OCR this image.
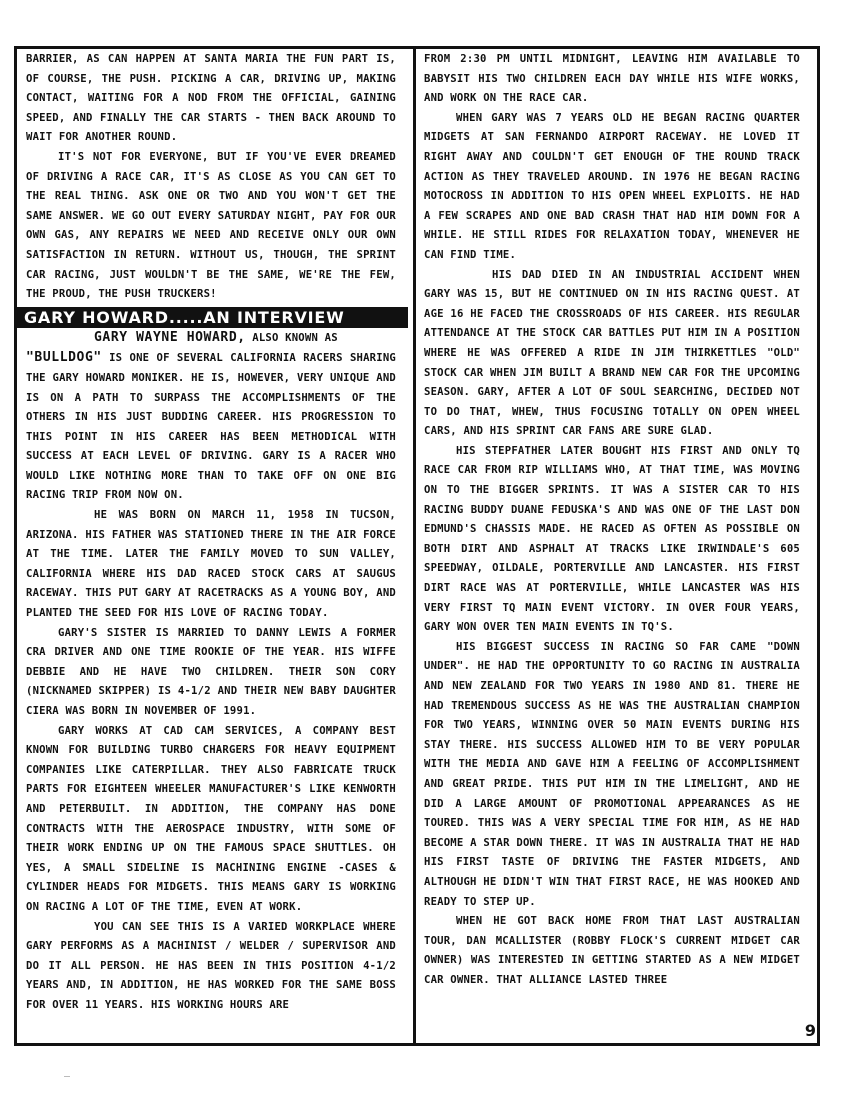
BARRIER, AS CAN HAPPEN AT SANTA MARIA THE FUN PART IS, OF COURSE, THE PUSH. PICKING A CAR, DRIVING UP, MAKING CONTACT, WAITING FOR A NOD FROM THE OFFICIAL, GAINING SPEED, AND FINALLY THE CAR STARTS - THEN BACK AROUND TO WAIT FOR ANOTHER ROUND.

IT'S NOT FOR EVERYONE, BUT IF YOU'VE EVER DREAMED OF DRIVING A RACE CAR, IT'S AS CLOSE AS YOU CAN GET TO THE REAL THING. ASK ONE OR TWO AND YOU WON'T GET THE SAME ANSWER. WE GO OUT EVERY SATURDAY NIGHT, PAY FOR OUR OWN GAS, ANY REPAIRS WE NEED AND RECEIVE ONLY OUR OWN SATISFACTION IN RETURN. WITHOUT US, THOUGH, THE SPRINT CAR RACING, JUST WOULDN'T BE THE SAME, WE'RE THE FEW, THE PROUD, THE PUSH TRUCKERS!

GARY HOWARD.....AN INTERVIEW

GARY WAYNE HOWARD, ALSO KNOWN AS
"BULLDOG" IS ONE OF SEVERAL CALIFORNIA RACERS SHARING THE GARY HOWARD MONIKER. HE IS, HOWEVER, VERY UNIQUE AND IS ON A PATH TO SURPASS THE ACCOMPLISHMENTS OF THE OTHERS IN HIS JUST BUDDING CAREER. HIS PROGRESSION TO THIS POINT IN HIS CAREER HAS BEEN METHODICAL WITH SUCCESS AT EACH LEVEL OF DRIVING. GARY IS A RACER WHO WOULD LIKE NOTHING MORE THAN TO TAKE OFF ON ONE BIG RACING TRIP FROM NOW ON.

HE WAS BORN ON MARCH 11, 1958 IN TUCSON, ARIZONA. HIS FATHER WAS STATIONED THERE IN THE AIR FORCE AT THE TIME. LATER THE FAMILY MOVED TO SUN VALLEY, CALIFORNIA WHERE HIS DAD RACED STOCK CARS AT SAUGUS RACEWAY. THIS PUT GARY AT RACETRACKS AS A YOUNG BOY, AND PLANTED THE SEED FOR HIS LOVE OF RACING TODAY.

GARY'S SISTER IS MARRIED TO DANNY LEWIS A FORMER CRA DRIVER AND ONE TIME ROOKIE OF THE YEAR. HIS WIFFE DEBBIE AND HE HAVE TWO CHILDREN. THEIR SON CORY (NICKNAMED SKIPPER) IS 4-1/2 AND THEIR NEW BABY DAUGHTER CIERA WAS BORN IN NOVEMBER OF 1991.

GARY WORKS AT CAD CAM SERVICES, A COMPANY BEST KNOWN FOR BUILDING TURBO CHARGERS FOR HEAVY EQUIPMENT COMPANIES LIKE CATERPILLAR. THEY ALSO FABRICATE TRUCK PARTS FOR EIGHTEEN WHEELER MANUFACTURER'S LIKE KENWORTH AND PETERBUILT. IN ADDITION, THE COMPANY HAS DONE CONTRACTS WITH THE AEROSPACE INDUSTRY, WITH SOME OF THEIR WORK ENDING UP ON THE FAMOUS SPACE SHUTTLES. OH YES, A SMALL SIDELINE IS MACHINING ENGINE -CASES & CYLINDER HEADS FOR MIDGETS. THIS MEANS GARY IS WORKING ON RACING A LOT OF THE TIME, EVEN AT WORK.

YOU CAN SEE THIS IS A VARIED WORKPLACE WHERE GARY PERFORMS AS A MACHINIST / WELDER / SUPERVISOR AND DO IT ALL PERSON. HE HAS BEEN IN THIS POSITION 4-1/2 YEARS AND, IN ADDITION, HE HAS WORKED FOR THE SAME BOSS FOR OVER 11 YEARS. HIS WORKING HOURS ARE

FROM 2:30 PM UNTIL MIDNIGHT, LEAVING HIM AVAILABLE TO BABYSIT HIS TWO CHILDREN EACH DAY WHILE HIS WIFE WORKS, AND WORK ON THE RACE CAR.

WHEN GARY WAS 7 YEARS OLD HE BEGAN RACING QUARTER MIDGETS AT SAN FERNANDO AIRPORT RACEWAY. HE LOVED IT RIGHT AWAY AND COULDN'T GET ENOUGH OF THE ROUND TRACK ACTION AS THEY TRAVELED AROUND. IN 1976 HE BEGAN RACING MOTOCROSS IN ADDITION TO HIS OPEN WHEEL EXPLOITS. HE HAD A FEW SCRAPES AND ONE BAD CRASH THAT HAD HIM DOWN FOR A WHILE. HE STILL RIDES FOR RELAXATION TODAY, WHENEVER HE CAN FIND TIME.

HIS DAD DIED IN AN INDUSTRIAL ACCIDENT WHEN GARY WAS 15, BUT HE CONTINUED ON IN HIS RACING QUEST. AT AGE 16 HE FACED THE CROSSROADS OF HIS CAREER. HIS REGULAR ATTENDANCE AT THE STOCK CAR BATTLES PUT HIM IN A POSITION WHERE HE WAS OFFERED A RIDE IN JIM THIRKETTLES "OLD" STOCK CAR WHEN JIM BUILT A BRAND NEW CAR FOR THE UPCOMING SEASON. GARY, AFTER A LOT OF SOUL SEARCHING, DECIDED NOT TO DO THAT, WHEW, THUS FOCUSING TOTALLY ON OPEN WHEEL CARS, AND HIS SPRINT CAR FANS ARE SURE GLAD.

HIS STEPFATHER LATER BOUGHT HIS FIRST AND ONLY TQ RACE CAR FROM RIP WILLIAMS WHO, AT THAT TIME, WAS MOVING ON TO THE BIGGER SPRINTS. IT WAS A SISTER CAR TO HIS RACING BUDDY DUANE FEDUSKA'S AND WAS ONE OF THE LAST DON EDMUND'S CHASSIS MADE. HE RACED AS OFTEN AS POSSIBLE ON BOTH DIRT AND ASPHALT AT TRACKS LIKE IRWINDALE'S 605 SPEEDWAY, OILDALE, PORTERVILLE AND LANCASTER. HIS FIRST DIRT RACE WAS AT PORTERVILLE, WHILE LANCASTER WAS HIS VERY FIRST TQ MAIN EVENT VICTORY. IN OVER FOUR YEARS, GARY WON OVER TEN MAIN EVENTS IN TQ'S.

HIS BIGGEST SUCCESS IN RACING SO FAR CAME "DOWN UNDER". HE HAD THE OPPORTUNITY TO GO RACING IN AUSTRALIA AND NEW ZEALAND FOR TWO YEARS IN 1980 AND 81. THERE HE HAD TREMENDOUS SUCCESS AS HE WAS THE AUSTRALIAN CHAMPION FOR TWO YEARS, WINNING OVER 50 MAIN EVENTS DURING HIS STAY THERE. HIS SUCCESS ALLOWED HIM TO BE VERY POPULAR WITH THE MEDIA AND GAVE HIM A FEELING OF ACCOMPLISHMENT AND GREAT PRIDE. THIS PUT HIM IN THE LIMELIGHT, AND HE DID A LARGE AMOUNT OF PROMOTIONAL APPEARANCES AS HE TOURED. THIS WAS A VERY SPECIAL TIME FOR HIM, AS HE HAD BECOME A STAR DOWN THERE. IT WAS IN AUSTRALIA THAT HE HAD HIS FIRST TASTE OF DRIVING THE FASTER MIDGETS, AND ALTHOUGH HE DIDN'T WIN THAT FIRST RACE, HE WAS HOOKED AND READY TO STEP UP.

WHEN HE GOT BACK HOME FROM THAT LAST AUSTRALIAN TOUR, DAN MCALLISTER (ROBBY FLOCK'S CURRENT MIDGET CAR OWNER) WAS INTERESTED IN GETTING STARTED AS A NEW MIDGET CAR OWNER. THAT ALLIANCE LASTED THREE

9
